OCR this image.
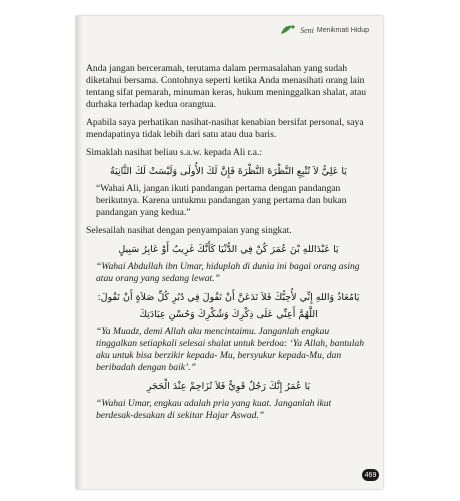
Seni Menikmati Hidup

Anda jangan berceramah, terutama dalam permasalahan yang sudah diketahui bersama. Contohnya seperti ketika Anda menasihati orang lain tentang sifat pemarah, minuman keras, hukum meninggalkan shalat, atau durhaka terhadap kedua orangtua.

Apabila saya perhatikan nasihat-nasihat kenabian bersifat personal, saya mendapatinya tidak lebih dari satu atau dua baris.

Simaklah nasihat beliau s.a.w. kepada Ali r.a.:

يَا عَلِيُّ لاَ تُتْبِعِ النَّظْرَةَ النَّظْرَةَ فَإِنَّ لَكَ الأُولَى وَلَيْسَتْ لَكَ الثَّانِيَةُ

“Wahai Ali, jangan ikuti pandangan pertama dengan pandangan berikutnya. Karena untukmu pandangan yang pertama dan bukan pandangan yang kedua.”

Selesailah nasihat dengan penyampaian yang singkat.

يَا عَبْدَاللهِ بْنَ عُمَرَ كُنْ فِي الدُّنْيَا كَأَنَّكَ غَرِيبٌ أَوْ عَابِرُ سَبِيلٍ

“Wahai Abdullah ibn Umar, hiduplah di dunia ini bagai orang asing atau orang yang sedang lewat.”

يَامُعَاذُ وَاللهِ إِنِّي لأُحِبُّكَ فَلاَ تَدَعَنَّ أَنْ تَقُولَ فِي دُبُرِ كُلِّ صَلاَةٍ أَنْ تَقُولَ:
اللَّهُمَّ أَعِنِّي عَلَى ذِكْرِكَ وَشُكْرِكَ وَحُسْنِ عِبَادَتِكَ

“Ya Muadz, demi Allah aku mencintaimu. Janganlah engkau tinggalkan setiapkali selesai shalat untuk berdoa: ‘Ya Allah, bantulah aku untuk bisa berzikir kepada- Mu, bersyukur kepada-Mu, dan beribadah dengan baik’.”

يَا عُمَرُ إِنَّكَ رَجُلٌ قَوِيٌّ فَلاَ تُزَاحِمْ عِنْدَ الْحَجَرِ

“Wahai Umar, engkau adalah pria yang kuat. Janganlah ikut berdesak-desakan di sekitar Hajar Aswad.”

469
